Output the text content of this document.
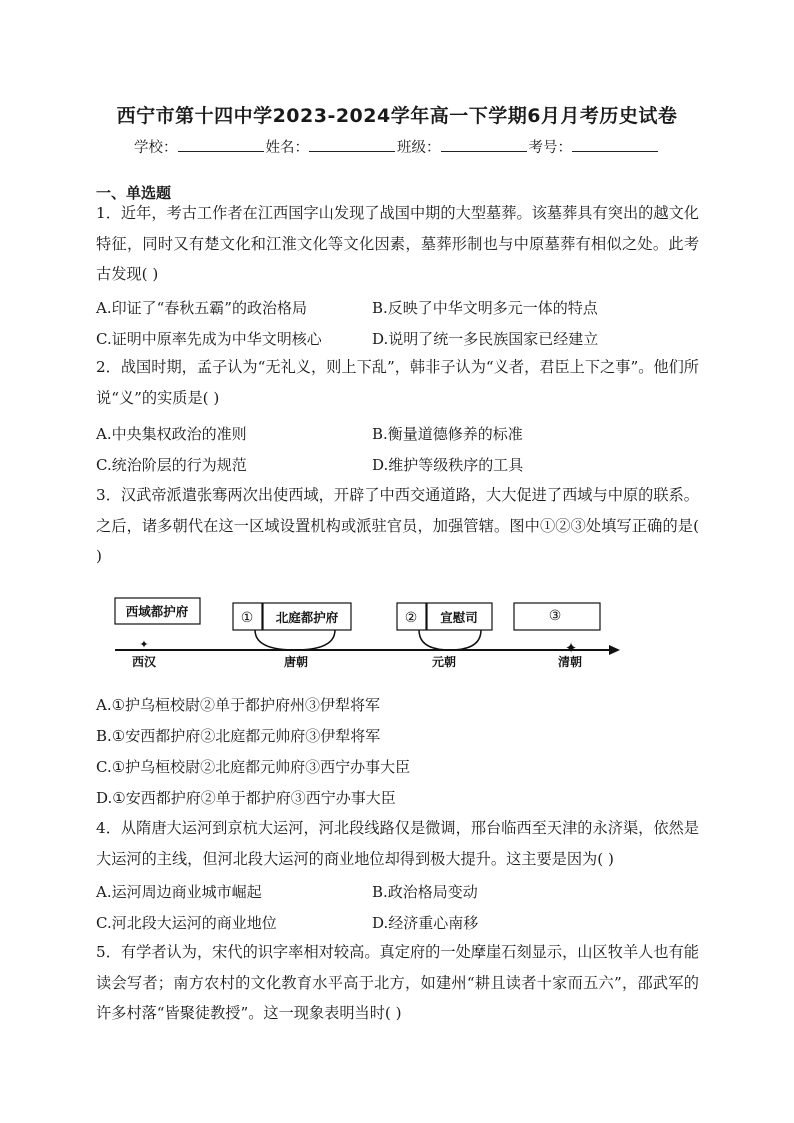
西宁市第十四中学2023-2024学年高一下学期6月月考历史试卷
学校：	姓名：	班级：	考号：
一、单选题
1．近年，考古工作者在江西国字山发现了战国中期的大型墓葬。该墓葬具有突出的越文化特征，同时又有楚文化和江淮文化等文化因素，墓葬形制也与中原墓葬有相似之处。此考古发现( )
A.印证了“春秋五霸”的政治格局	B.反映了中华文明多元一体的特点
C.证明中原率先成为中华文明核心	D.说明了统一多民族国家已经建立
2．战国时期，孟子认为“无礼义，则上下乱”，韩非子认为“义者，君臣上下之事”。他们所说“义”的实质是( )
A.中央集权政治的准则	B.衡量道德修养的标准
C.统治阶层的行为规范	D.维护等级秩序的工具
3．汉武帝派遣张骞两次出使西域，开辟了中西交通道路，大大促进了西域与中原的联系。之后，诸多朝代在这一区域设置机构或派驻官员，加强管辖。图中①②③处填写正确的是( )
西域都护府
✦
① 北庭都护府	② 宣慰司	③
✦
西汉	唐朝	元朝	清朝
A.①护乌桓校尉②单于都护府州③伊犁将军
B.①安西都护府②北庭都元帅府③伊犁将军
C.①护乌桓校尉②北庭都元帅府③西宁办事大臣
D.①安西都护府②单于都护府③西宁办事大臣
4．从隋唐大运河到京杭大运河，河北段线路仅是微调，邢台临西至天津的永济渠，依然是大运河的主线，但河北段大运河的商业地位却得到极大提升。这主要是因为( )
A.运河周边商业城市崛起	B.政治格局变动
C.河北段大运河的商业地位	D.经济重心南移
5．有学者认为，宋代的识字率相对较高。真定府的一处摩崖石刻显示，山区牧羊人也有能读会写者；南方农村的文化教育水平高于北方，如建州“耕且读者十家而五六”，邵武军的许多村落“皆聚徒教授”。这一现象表明当时( )
